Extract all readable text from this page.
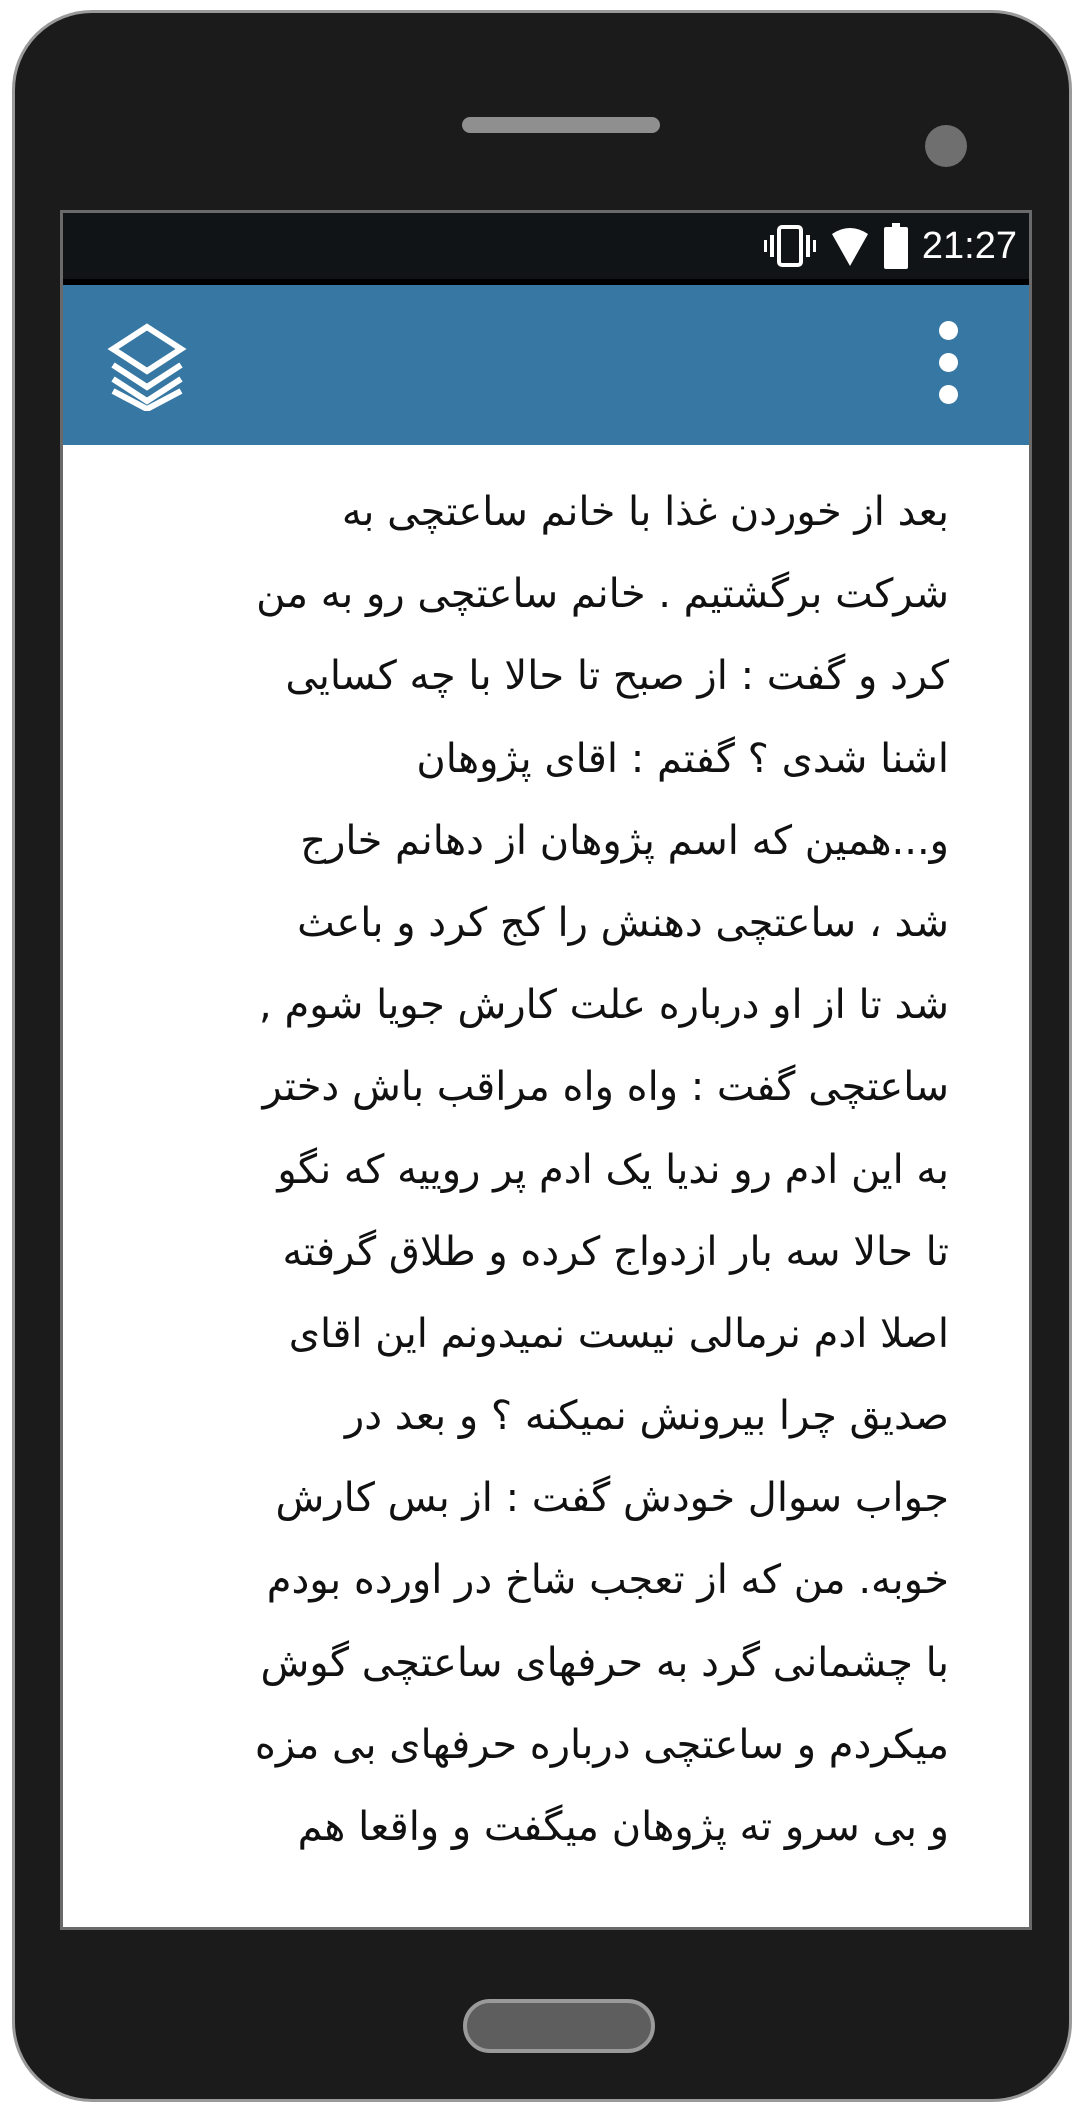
21:27
بعد از خوردن غذا با خانم ساعتچی به
شرکت برگشتیم . خانم ساعتچی رو به من
کرد و گفت : از صبح تا حالا با چه کسایی
اشنا شدی ؟ گفتم : اقای پژوهان
و...همین که اسم پژوهان از دهانم خارج
شد ، ساعتچی دهنش را کج کرد و باعث
شد تا از او درباره علت کارش جویا شوم ,
ساعتچی گفت : واه واه مراقب باش دختر
به این ادم رو ندیا یک ادم پر روییه که نگو
تا حالا سه بار ازدواج کرده و طلاق گرفته
اصلا ادم نرمالی نیست نمیدونم این اقای
صدیق چرا بیرونش نمیکنه ؟ و بعد در
جواب سوال خودش گفت : از بس کارش
خوبه. من که از تعجب شاخ در اورده بودم
با چشمانی گرد به حرفهای ساعتچی گوش
میکردم و ساعتچی درباره حرفهای بی مزه
و بی سرو ته پژوهان میگفت و واقعا هم
